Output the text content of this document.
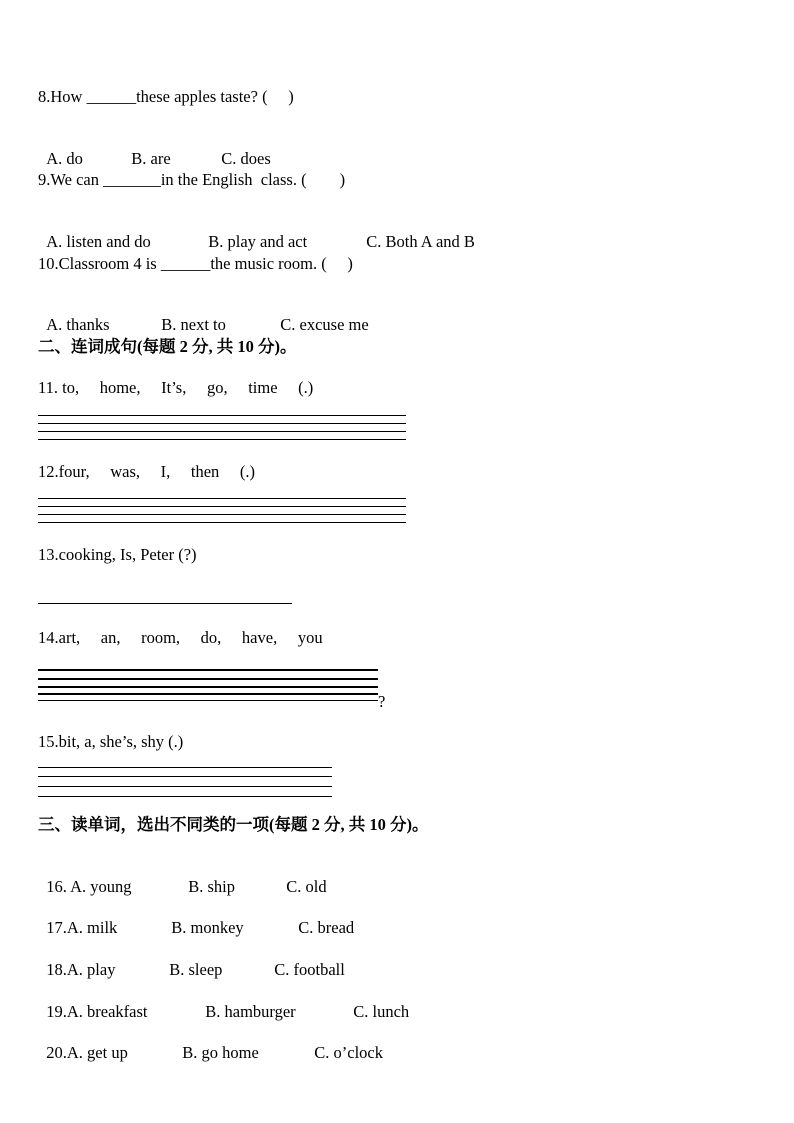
8.How ______these apples taste? (     )

A. do	B. are	C. does

9.We can _______in the English  class. (        )

A. listen and do	B. play and act	C. Both A and B

10.Classroom 4 is ______the music room. (     )

A. thanks	B. next to	C. excuse me

二、连词成句(每题 2 分, 共 10 分)。
11. to,     home,     It’s,     go,     time     (.)
12.four,     was,     I,     then     (.)
13.cooking, Is, Peter (?)
14.art,     an,     room,     do,     have,     you
?
15.bit, a, she’s, shy (.)
三、读单词，选出不同类的一项(每题 2 分, 共 10 分)。

16. A. young	B. ship	C. old

17.A. milk	B. monkey	C. bread

18.A. play	B. sleep	C. football

19.A. breakfast	B. hamburger	C. lunch

20.A. get up	B. go home	C. o’clock
